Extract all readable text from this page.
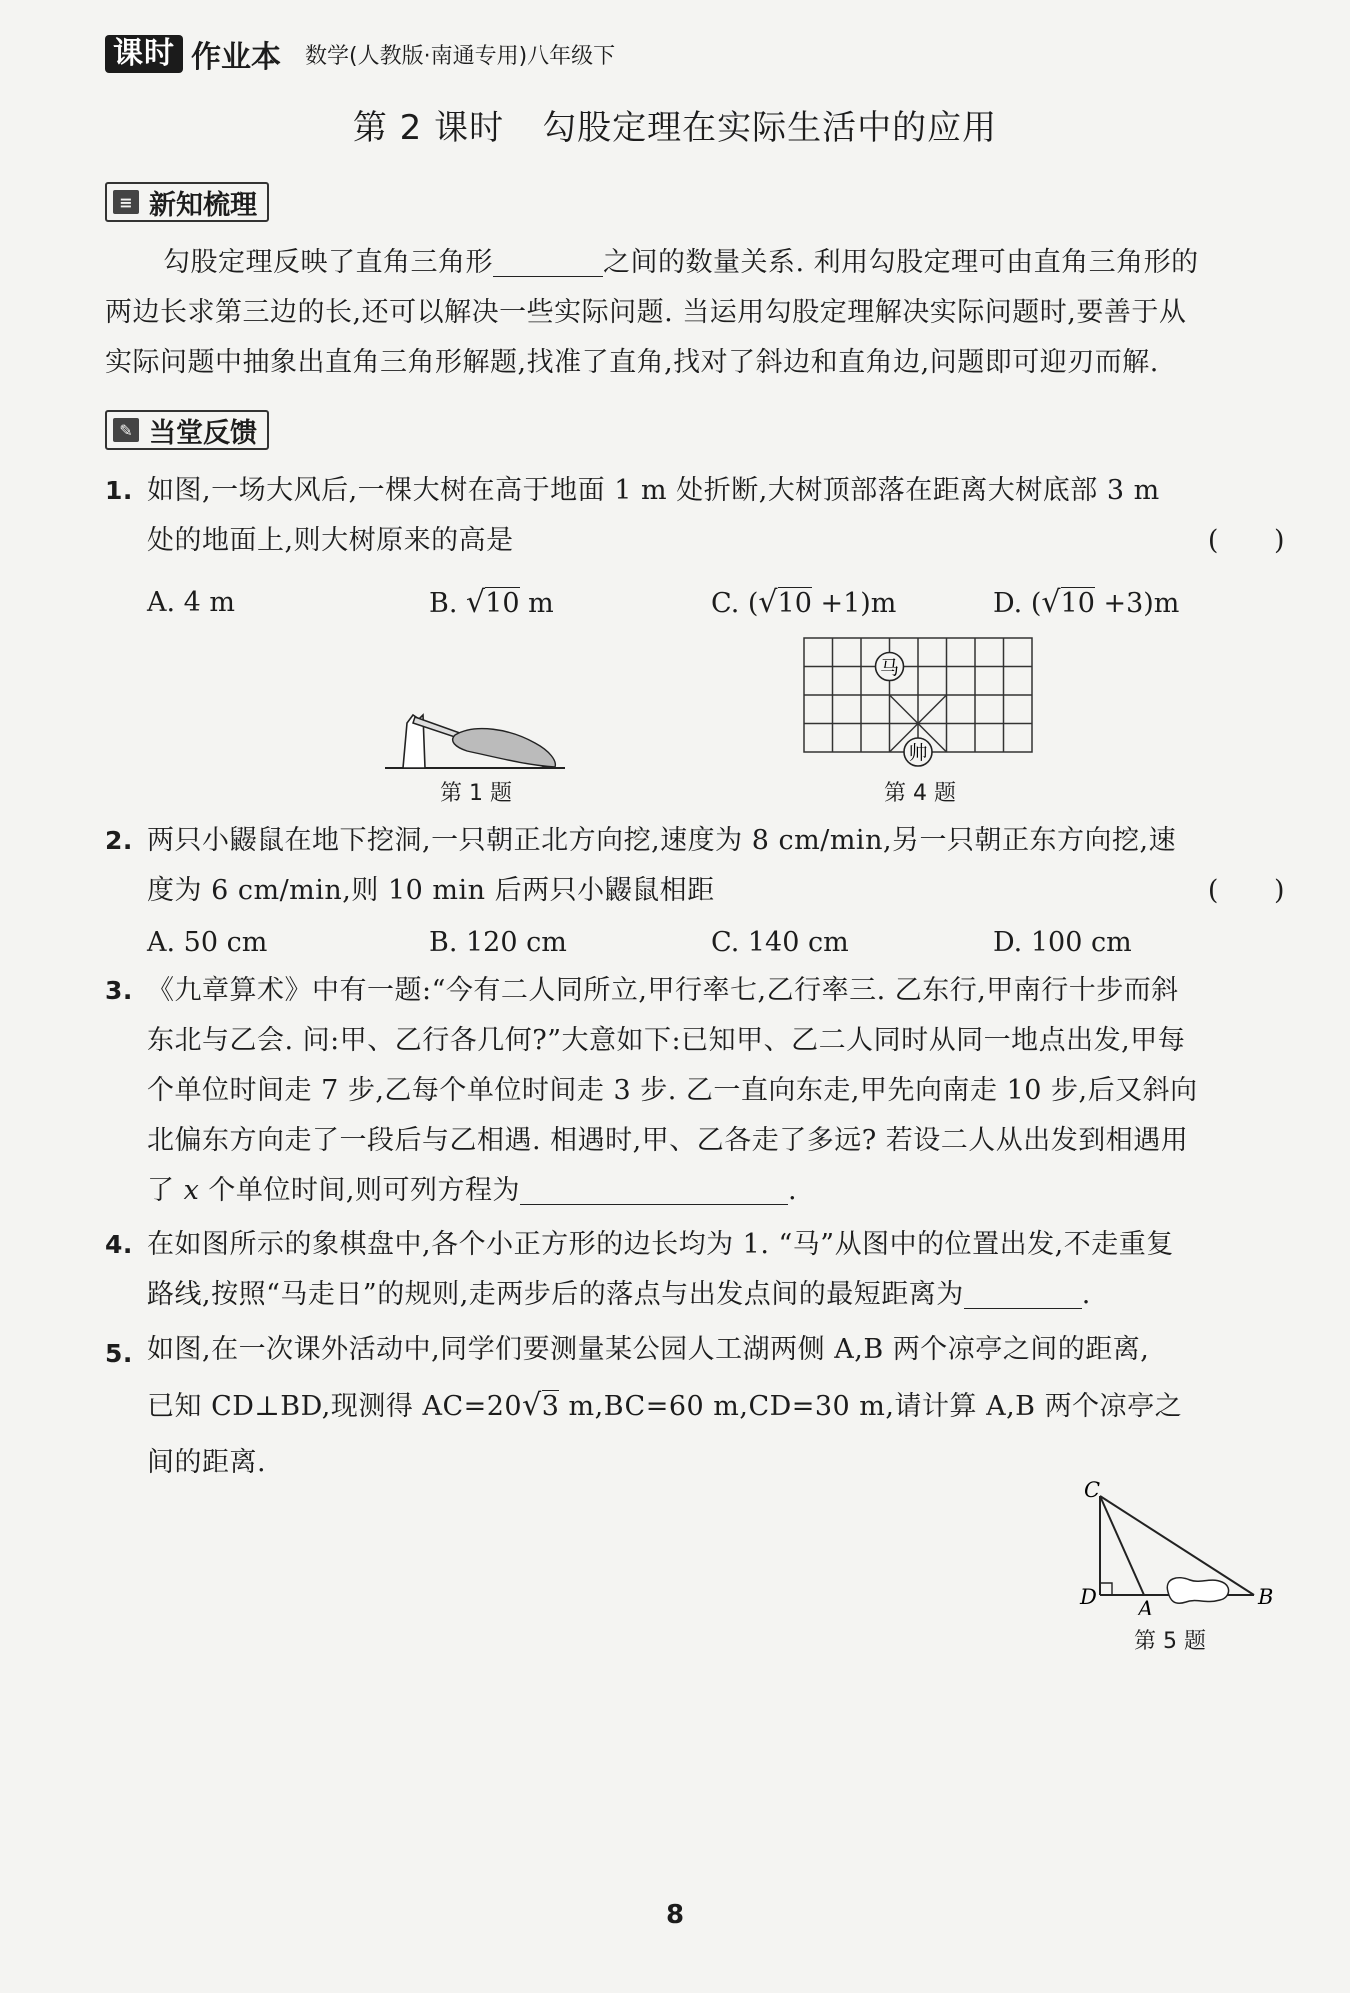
课时 作业本 数学(人教版·南通专用)八年级下
第 2 课时 勾股定理在实际生活中的应用
≡ 新知梳理
勾股定理反映了直角三角形	之间的数量关系. 利用勾股定理可由直角三角形的
两边长求第三边的长,还可以解决一些实际问题. 当运用勾股定理解决实际问题时,要善于从
实际问题中抽象出直角三角形解题,找准了直角,找对了斜边和直角边,问题即可迎刃而解.
✎ 当堂反馈
1. 如图,一场大风后,一棵大树在高于地面 1 m 处折断,大树顶部落在距离大树底部 3 m
处的地面上,则大树原来的高是	(　　)
A. 4 m	B. √10 m	C. (√10 +1)m	D. (√10 +3)m
第 1 题
马
帅
第 4 题
2. 两只小鼹鼠在地下挖洞,一只朝正北方向挖,速度为 8 cm/min,另一只朝正东方向挖,速
度为 6 cm/min,则 10 min 后两只小鼹鼠相距	(　　)
A. 50 cm	B. 120 cm	C. 140 cm	D. 100 cm
3. 《九章算术》中有一题:“今有二人同所立,甲行率七,乙行率三. 乙东行,甲南行十步而斜
东北与乙会. 问:甲、乙行各几何?”大意如下:已知甲、乙二人同时从同一地点出发,甲每
个单位时间走 7 步,乙每个单位时间走 3 步. 乙一直向东走,甲先向南走 10 步,后又斜向
北偏东方向走了一段后与乙相遇. 相遇时,甲、乙各走了多远? 若设二人从出发到相遇用
了 x 个单位时间,则可列方程为	.
4. 在如图所示的象棋盘中,各个小正方形的边长均为 1. “马”从图中的位置出发,不走重复
路线,按照“马走日”的规则,走两步后的落点与出发点间的最短距离为	.
5. 如图,在一次课外活动中,同学们要测量某公园人工湖两侧 A,B 两个凉亭之间的距离,
已知 CD⊥BD,现测得 AC=20√3 m,BC=60 m,CD=30 m,请计算 A,B 两个凉亭之
间的距离.
C
D A	B
第 5 题
8
